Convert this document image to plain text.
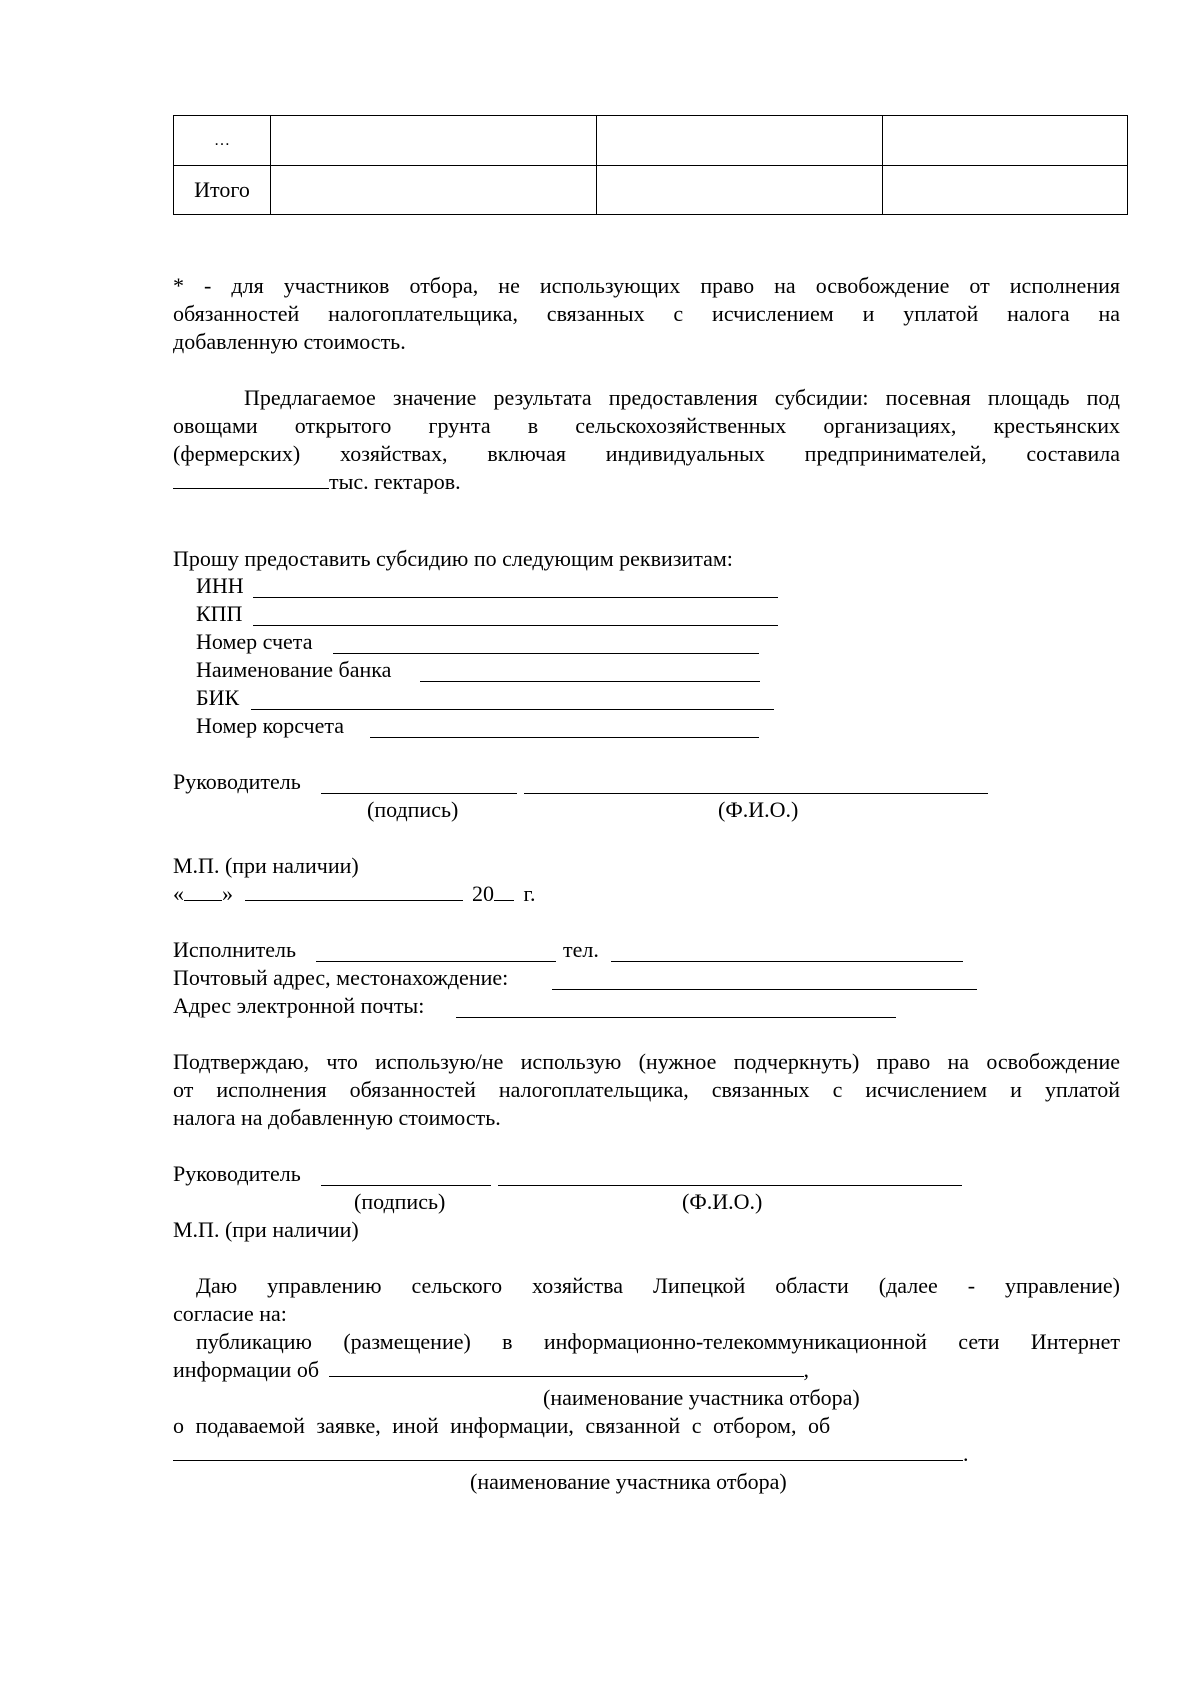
…			
Итого			
* - для участников отбора, не использующих право на освобождение от исполнения
обязанностей налогоплательщика, связанных с исчислением и уплатой налога на
добавленную стоимость.
Предлагаемое значение результата предоставления субсидии: посевная площадь под
овощами открытого грунта в сельскохозяйственных организациях, крестьянских
(фермерских) хозяйствах, включая индивидуальных предпринимателей, составила
тыс. гектаров.
Прошу предоставить субсидию по следующим реквизитам:
ИНН
КПП
Номер счета
Наименование банка
БИК
Номер корсчета
Руководитель
(подпись)	(Ф.И.О.)
М.П. (при наличии)
« »	20 г.
Исполнитель	тел.
Почтовый адрес, местонахождение:
Адрес электронной почты:
Подтверждаю, что использую/не использую (нужное подчеркнуть) право на освобождение
от исполнения обязанностей налогоплательщика, связанных с исчислением и уплатой
налога на добавленную стоимость.
Руководитель
(подпись)	(Ф.И.О.)
М.П. (при наличии)
Даю управлению сельского хозяйства Липецкой области (далее - управление)
согласие на:
публикацию (размещение) в информационно-телекоммуникационной сети Интернет
информации об	,
(наименование участника отбора)
о подаваемой заявке, иной информации, связанной с отбором, об
.
(наименование участника отбора)
